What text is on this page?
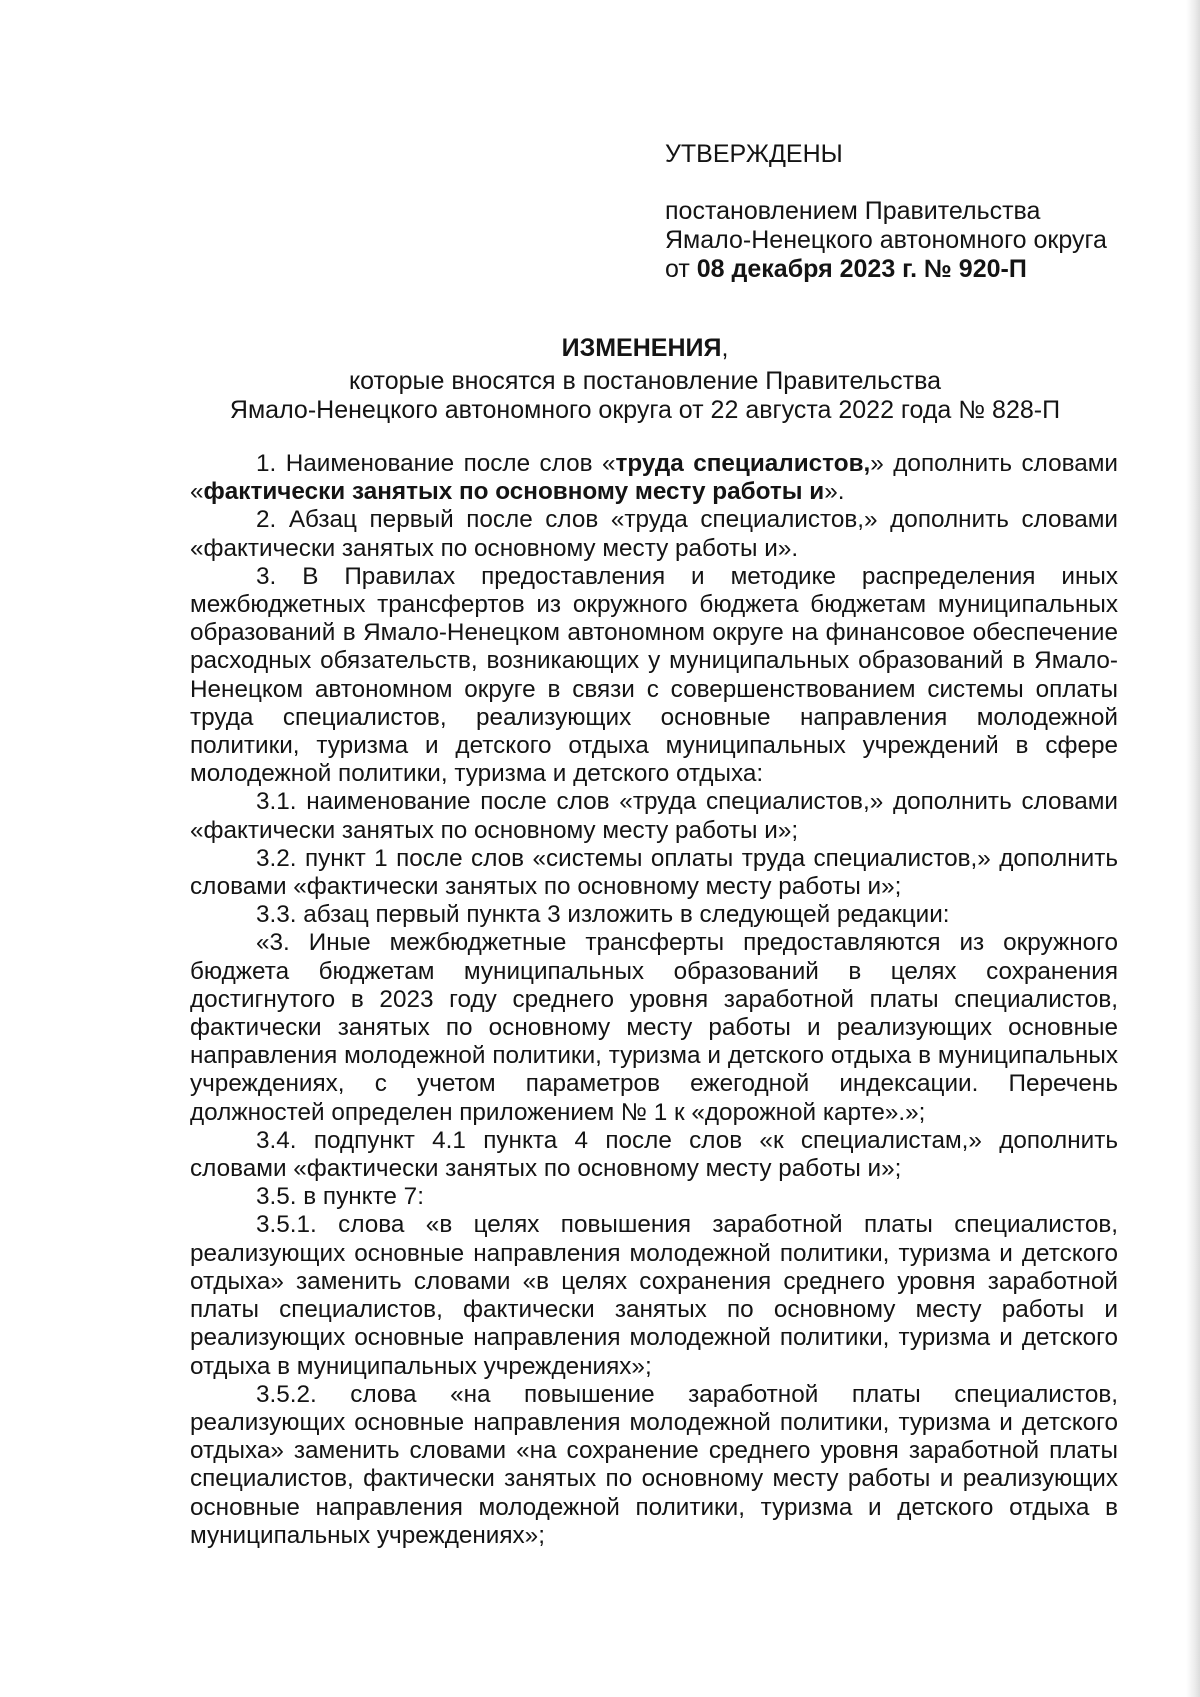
УТВЕРЖДЕНЫ

постановлением Правительства

Ямало-Ненецкого автономного округа

от 08 декабря 2023 г. № 920-П

ИЗМЕНЕНИЯ,

которые вносятся в постановление Правительства

Ямало-Ненецкого автономного округа от 22 августа 2022 года № 828-П

1. Наименование после слов «труда специалистов,» дополнить словами «фактически занятых по основному месту работы и».

2. Абзац первый после слов «труда специалистов,» дополнить словами «фактически занятых по основному месту работы и».

3. В Правилах предоставления и методике распределения иных межбюджетных трансфертов из окружного бюджета бюджетам муниципальных образований в Ямало-Ненецком автономном округе на финансовое обеспечение расходных обязательств, возникающих у муниципальных образований в Ямало-Ненецком автономном округе в связи с совершенствованием системы оплаты труда специалистов, реализующих основные направления молодежной политики, туризма и детского отдыха муниципальных учреждений в сфере молодежной политики, туризма и детского отдыха:

3.1. наименование после слов «труда специалистов,» дополнить словами «фактически занятых по основному месту работы и»;

3.2. пункт 1 после слов «системы оплаты труда специалистов,» дополнить словами «фактически занятых по основному месту работы и»;

3.3. абзац первый пункта 3 изложить в следующей редакции:

«3. Иные межбюджетные трансферты предоставляются из окружного бюджета бюджетам муниципальных образований в целях сохранения достигнутого в 2023 году среднего уровня заработной платы специалистов, фактически занятых по основному месту работы и реализующих основные направления молодежной политики, туризма и детского отдыха в муниципальных учреждениях, с учетом параметров ежегодной индексации. Перечень должностей определен приложением № 1 к «дорожной карте».»;

3.4. подпункт 4.1 пункта 4 после слов «к специалистам,» дополнить словами «фактически занятых по основному месту работы и»;

3.5. в пункте 7:

3.5.1. слова «в целях повышения заработной платы специалистов, реализующих основные направления молодежной политики, туризма и детского отдыха» заменить словами «в целях сохранения среднего уровня заработной платы специалистов, фактически занятых по основному месту работы и реализующих основные направления молодежной политики, туризма и детского отдыха в муниципальных учреждениях»;

3.5.2. слова «на повышение заработной платы специалистов, реализующих основные направления молодежной политики, туризма и детского отдыха» заменить словами «на сохранение среднего уровня заработной платы специалистов, фактически занятых по основному месту работы и реализующих основные направления молодежной политики, туризма и детского отдыха в муниципальных учреждениях»;
